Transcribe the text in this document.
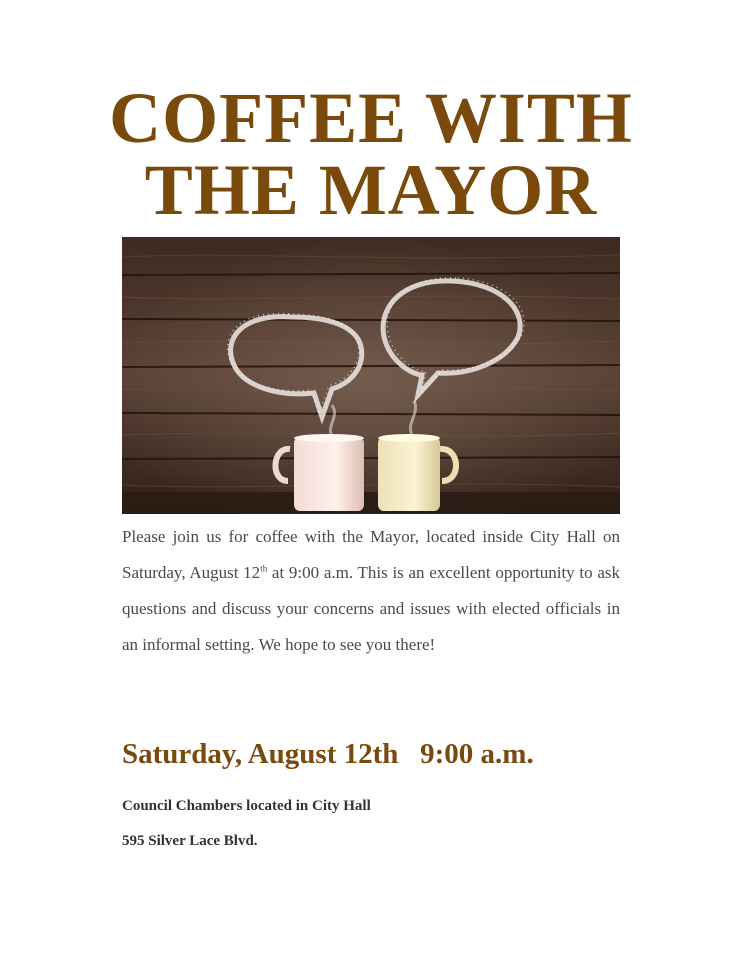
COFFEE WITH
THE MAYOR

Please join us for coffee with the Mayor, located inside City Hall on Saturday, August 12th at 9:00 a.m. This is an excellent opportunity to ask questions and discuss your concerns and issues with elected officials in an informal setting. We hope to see you there!

Saturday, August 12th   9:00 a.m.

Council Chambers located in City Hall

595 Silver Lace Blvd.
